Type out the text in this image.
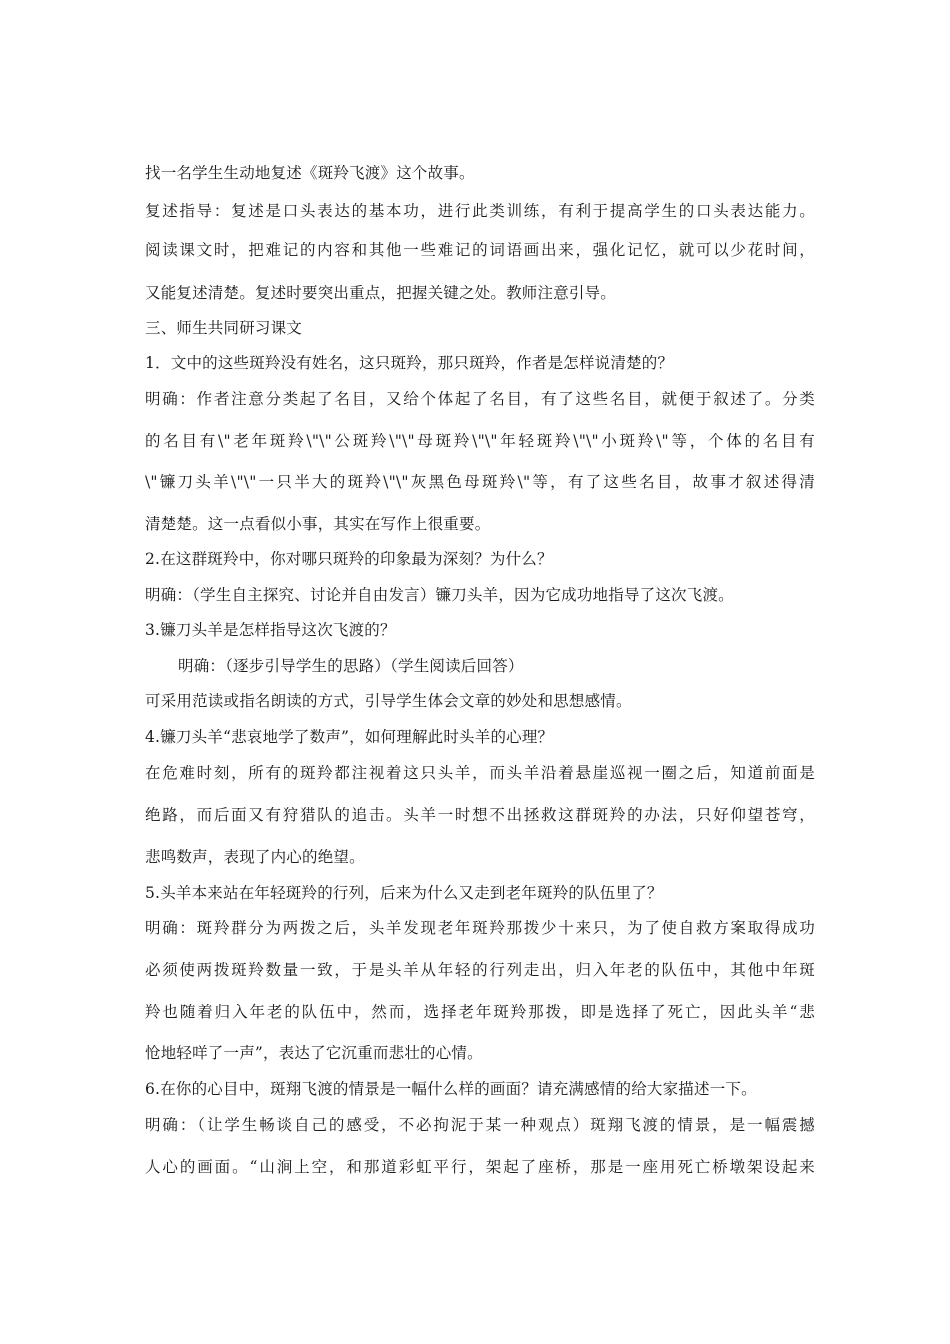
找一名学生生动地复述《斑羚飞渡》这个故事。
复述指导：复述是口头表达的基本功，进行此类训练，有利于提高学生的口头表达能力。
阅读课文时，把难记的内容和其他一些难记的词语画出来，强化记忆，就可以少花时间，
又能复述清楚。复述时要突出重点，把握关键之处。教师注意引导。
三、师生共同研习课文
1．文中的这些斑羚没有姓名，这只斑羚，那只斑羚，作者是怎样说清楚的？
明确：作者注意分类起了名目，又给个体起了名目，有了这些名目，就便于叙述了。分类
的名目有\"老年斑羚\"\"公斑羚\"\"母斑羚\"\"年轻斑羚\"\"小斑羚\"等，个体的名目有
\"镰刀头羊\"\"一只半大的斑羚\"\"灰黑色母斑羚\"等，有了这些名目，故事才叙述得清
清楚楚。这一点看似小事，其实在写作上很重要。
2.在这群斑羚中，你对哪只斑羚的印象最为深刻？为什么？
明确：（学生自主探究、讨论并自由发言）镰刀头羊，因为它成功地指导了这次飞渡。
3.镰刀头羊是怎样指导这次飞渡的？
明确：（逐步引导学生的思路）（学生阅读后回答）
可采用范读或指名朗读的方式，引导学生体会文章的妙处和思想感情。
4.镰刀头羊“悲哀地学了数声”，如何理解此时头羊的心理？
在危难时刻，所有的斑羚都注视着这只头羊，而头羊沿着悬崖巡视一圈之后，知道前面是
绝路，而后面又有狩猎队的追击。头羊一时想不出拯救这群斑羚的办法，只好仰望苍穹，
悲鸣数声，表现了内心的绝望。
5.头羊本来站在年轻斑羚的行列，后来为什么又走到老年斑羚的队伍里了？
明确：斑羚群分为两拨之后，头羊发现老年斑羚那拨少十来只，为了使自救方案取得成功
必须使两拨斑羚数量一致，于是头羊从年轻的行列走出，归入年老的队伍中，其他中年斑
羚也随着归入年老的队伍中，然而，选择老年斑羚那拨，即是选择了死亡，因此头羊“悲
怆地轻咩了一声”，表达了它沉重而悲壮的心情。
6.在你的心目中，斑翔飞渡的情景是一幅什么样的画面？请充满感情的给大家描述一下。
明确：（让学生畅谈自己的感受，不必拘泥于某一种观点）斑翔飞渡的情景，是一幅震撼
人心的画面。“山涧上空，和那道彩虹平行，架起了座桥，那是一座用死亡桥墩架设起来
